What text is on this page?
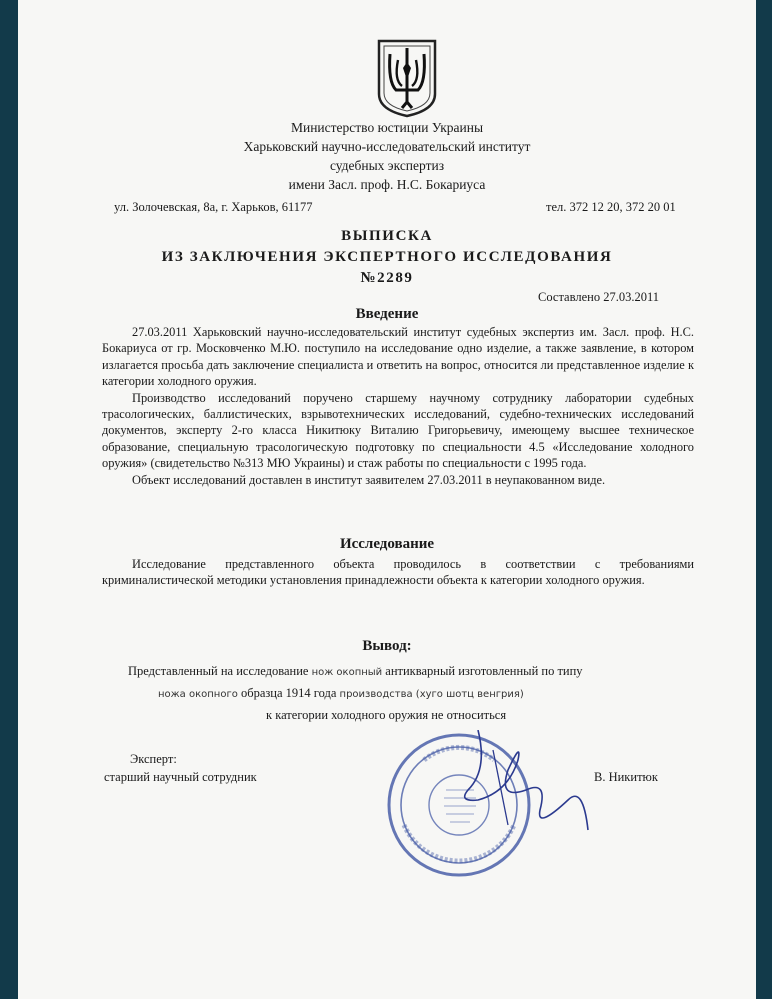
Министерство юстиции Украины
Харьковский научно-исследовательский институт
судебных экспертиз
имени Засл. проф. Н.С. Бокариуса
ул. Золочевская, 8а, г. Харьков, 61177	тел. 372 12 20, 372 20 01
ВЫПИСКА
ИЗ ЗАКЛЮЧЕНИЯ ЭКСПЕРТНОГО ИССЛЕДОВАНИЯ
№2289
Составлено 27.03.2011
Введение

27.03.2011 Харьковский научно-исследовательский институт судебных экспертиз им. Засл. проф. Н.С. Бокариуса от гр. Московченко М.Ю. поступило на исследование одно изделие, а также заявление, в котором излагается просьба дать заключение специалиста и ответить на вопрос, относится ли представленное изделие к категории холодного оружия.

Производство исследований поручено старшему научному сотруднику лаборатории судебных трасологических, баллистических, взрывотехнических исследований, судебно-технических исследований документов, эксперту 2-го класса Никитюку Виталию Григорьевичу, имеющему высшее техническое образование, специальную трасологическую подготовку по специальности 4.5 «Исследование холодного оружия» (свидетельство №313 МЮ Украины) и стаж работы по специальности с 1995 года.

Объект исследований доставлен в институт заявителем 27.03.2011 в неупакованном виде.

Исследование

Исследование представленного объекта проводилось в соответствии с требованиями криминалистической методики установления принадлежности объекта к категории холодного оружия.

Вывод:
Представленный на исследование нож окопный антикварный изготовленный по типу
ножа окопного образца 1914 года производства (хуго шотц венгрия)
к категории холодного оружия не относиться
Эксперт:
старший научный сотрудник	В. Никитюк
